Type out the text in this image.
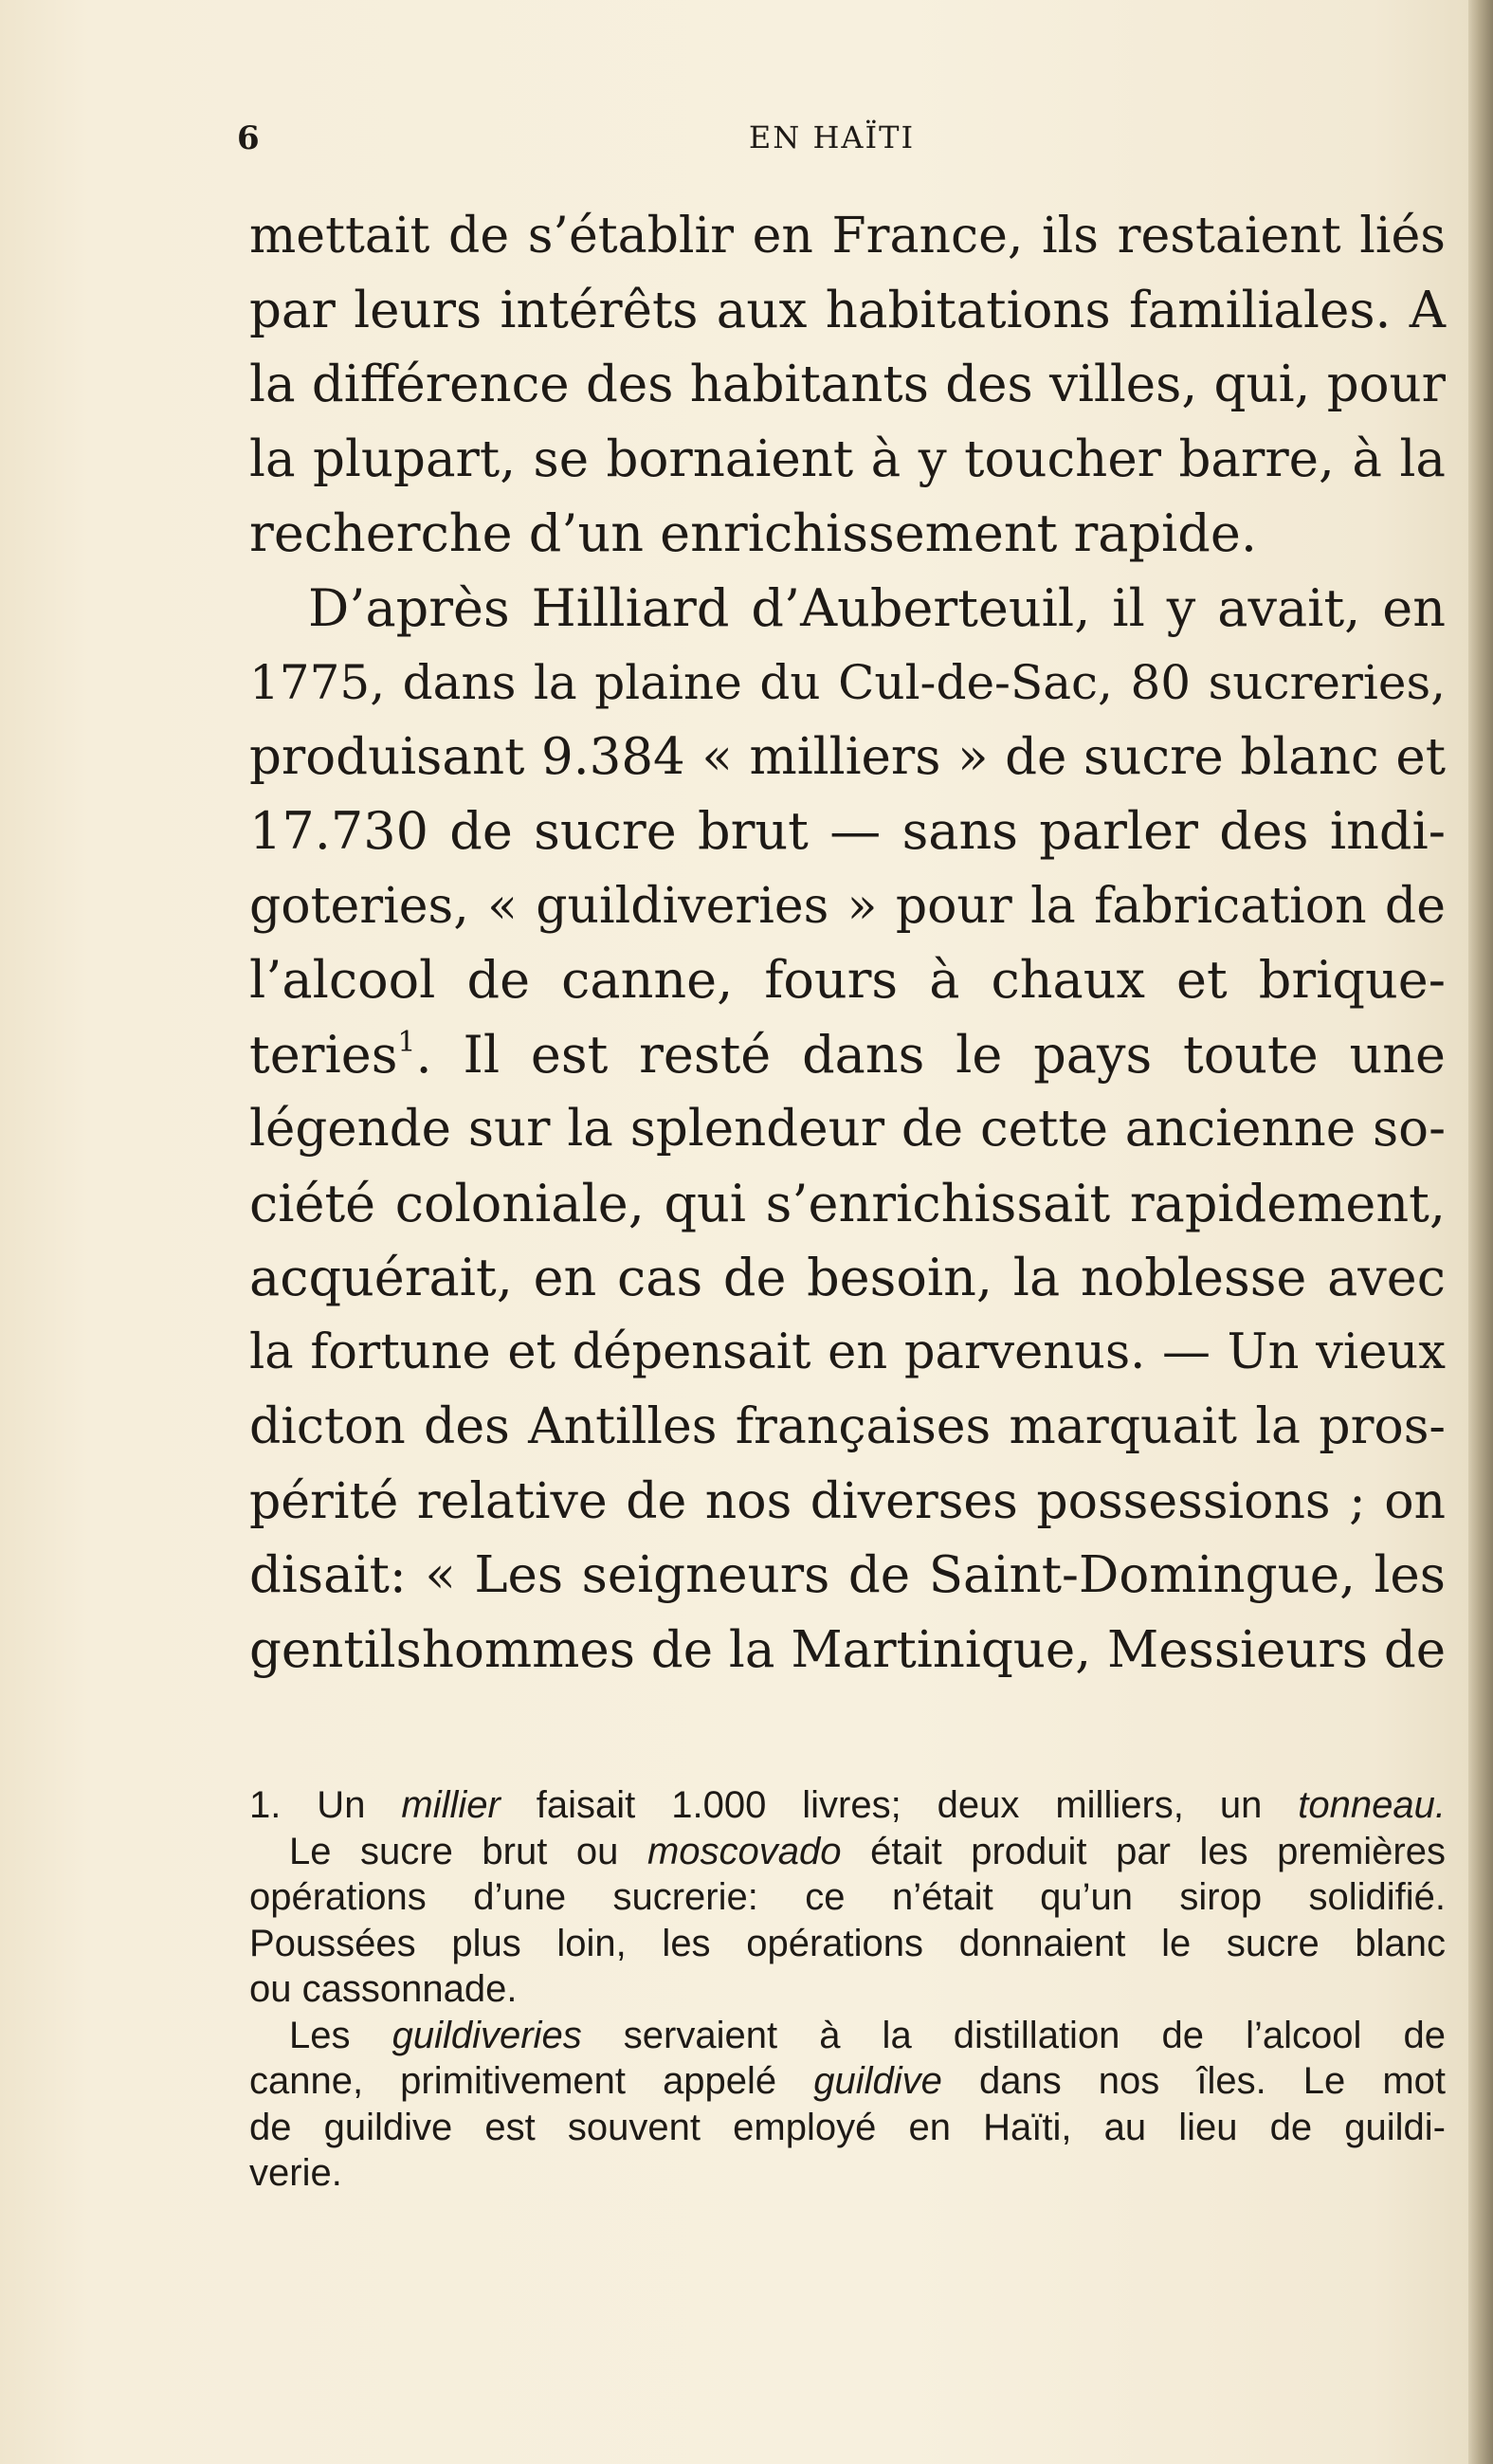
6	EN HAÏTI
mettait de s’établir en France, ils restaient liés
par leurs intérêts aux habitations familiales. A
la différence des habitants des villes, qui, pour
la plupart, se bornaient à y toucher barre, à la
recherche d’un enrichissement rapide.
D’après Hilliard d’Auberteuil, il y avait, en
1775, dans la plaine du Cul-de-Sac, 80 sucreries,
produisant 9.384 « milliers » de sucre blanc et
17.730 de sucre brut — sans parler des indi-
goteries, « guildiveries » pour la fabrication de
l’alcool de canne, fours à chaux et brique-
teries$^1$. Il est resté dans le pays toute une
légende sur la splendeur de cette ancienne so-
ciété coloniale, qui s’enrichissait rapidement,
acquérait, en cas de besoin, la noblesse avec
la fortune et dépensait en parvenus. — Un vieux
dicton des Antilles françaises marquait la pros-
périté relative de nos diverses possessions ; on
disait: « Les seigneurs de Saint-Domingue, les
gentilshommes de la Martinique, Messieurs de
1. Un millier faisait 1.000 livres; deux milliers, un tonneau.
Le sucre brut ou moscovado était produit par les premières
opérations d’une sucrerie: ce n’était qu’un sirop solidifié.
Poussées plus loin, les opérations donnaient le sucre blanc
ou cassonnade.
Les guildiveries servaient à la distillation de l’alcool de
canne, primitivement appelé guildive dans nos îles. Le mot
de guildive est souvent employé en Haïti, au lieu de guildi-
verie.
